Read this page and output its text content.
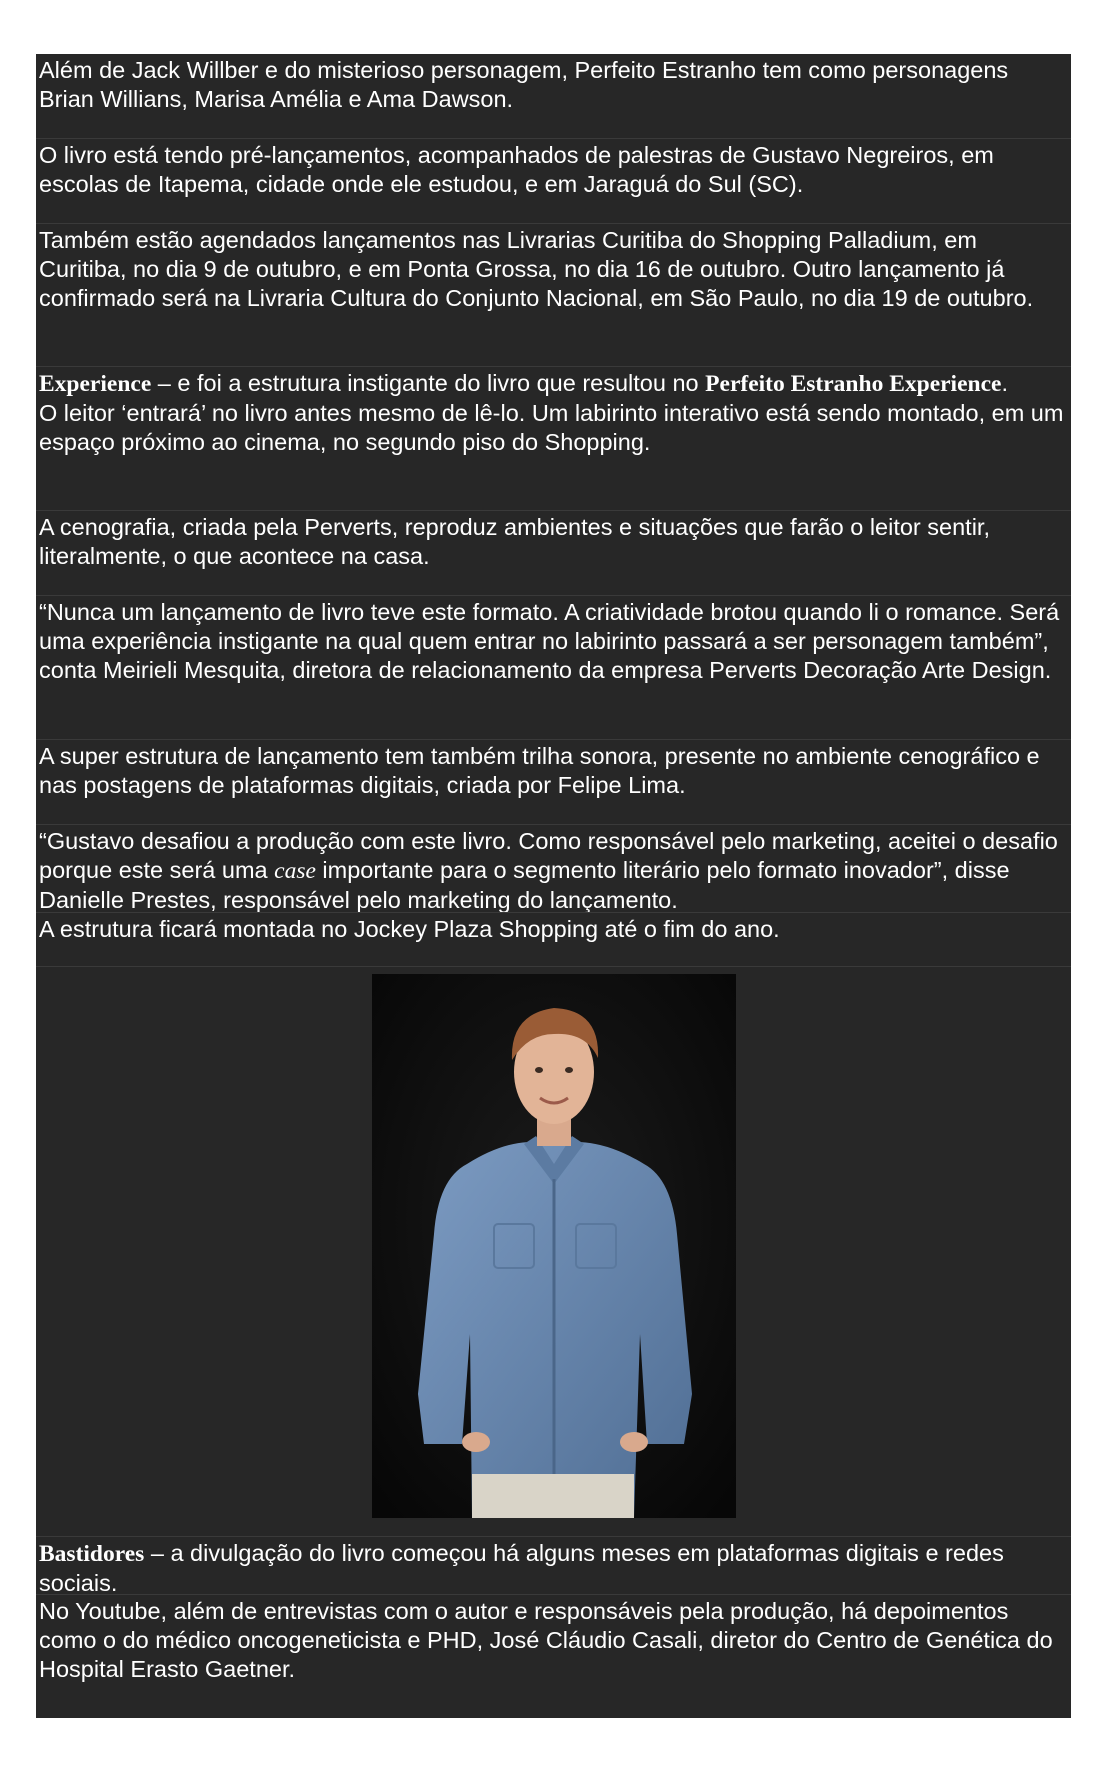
Além de Jack Willber e do misterioso personagem, Perfeito Estranho tem como personagens Brian Willians, Marisa Amélia e Ama Dawson.

O livro está tendo pré-lançamentos, acompanhados de palestras de Gustavo Negreiros, em escolas de Itapema, cidade onde ele estudou, e em Jaraguá do Sul (SC).

Também estão agendados lançamentos nas Livrarias Curitiba do Shopping Palladium, em Curitiba, no dia 9 de outubro, e em Ponta Grossa, no dia 16 de outubro. Outro lançamento já confirmado será na Livraria Cultura do Conjunto Nacional, em São Paulo, no dia 19 de outubro.

Experience – e foi a estrutura instigante do livro que resultou no Perfeito Estranho Experience.

O leitor ‘entrará’ no livro antes mesmo de lê-lo. Um labirinto interativo está sendo montado, em um espaço próximo ao cinema, no segundo piso do Shopping.

A cenografia, criada pela Perverts, reproduz ambientes e situações que farão o leitor sentir, literalmente, o que acontece na casa.

“Nunca um lançamento de livro teve este formato. A criatividade brotou quando li o romance. Será uma experiência instigante na qual quem entrar no labirinto passará a ser personagem também”, conta Meirieli Mesquita, diretora de relacionamento da empresa Perverts Decoração Arte Design.

A super estrutura de lançamento tem também trilha sonora, presente no ambiente cenográfico e nas postagens de plataformas digitais, criada por Felipe Lima.

“Gustavo desafiou a produção com este livro. Como responsável pelo marketing, aceitei o desafio porque este será uma case importante para o segmento literário pelo formato inovador”, disse Danielle Prestes, responsável pelo marketing do lançamento.

A estrutura ficará montada no Jockey Plaza Shopping até o fim do ano.

Bastidores – a divulgação do livro começou há alguns meses em plataformas digitais e redes sociais.

No Youtube, além de entrevistas com o autor e responsáveis pela produção, há depoimentos como o do médico oncogeneticista e PHD, José Cláudio Casali, diretor do Centro de Genética do Hospital Erasto Gaetner.
